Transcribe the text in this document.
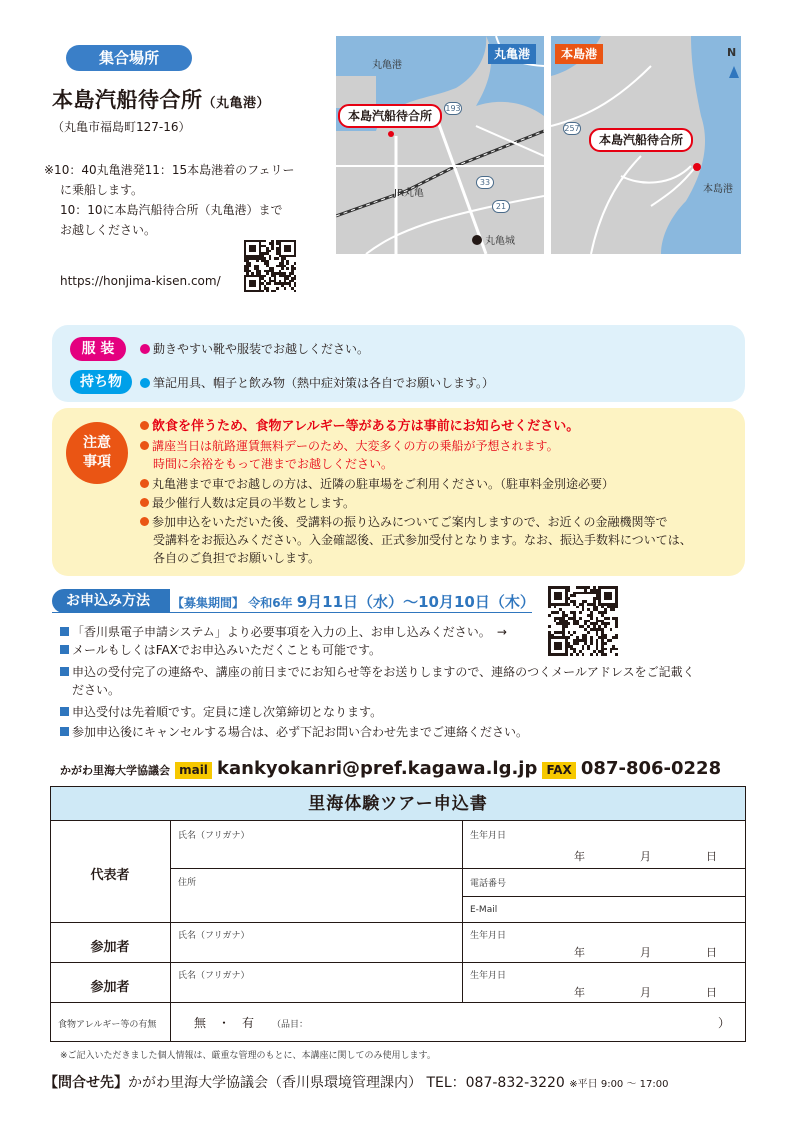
集合場所
本島汽船待合所（丸亀港）
（丸亀市福島町127-16）
※10：40丸亀港発11：15本島港着のフェリー
に乗船します。
10：10に本島汽船待合所（丸亀港）まで
お越しください。
https://honjima-kisen.com/
丸亀港
丸亀港
本島汽船待合所
193
33
21
JR丸亀
丸亀城
本島港	N
257
本島汽船待合所
本島港
服 装	動きやすい靴や服装でお越しください。
持ち物	筆記用具、帽子と飲み物（熱中症対策は各自でお願いします。）
注意
事項
飲食を伴うため、食物アレルギー等がある方は事前にお知らせください。
講座当日は航路運賃無料デーのため、大変多くの方の乗船が予想されます。
時間に余裕をもって港までお越しください。
丸亀港まで車でお越しの方は、近隣の駐車場をご利用ください。（駐車料金別途必要）
最少催行人数は定員の半数とします。
参加申込をいただいた後、受講料の振り込みについてご案内しますので、お近くの金融機関等で
受講料をお振込みください。入金確認後、正式参加受付となります。なお、振込手数料については、
各自のご負担でお願いします。
お申込み方法	【募集期間】 令和6年 9月11日（水）〜10月10日（木）
「香川県電子申請システム」より必要事項を入力の上、お申し込みください。　 →
メールもしくはFAXでお申込みいただくことも可能です。
申込の受付完了の連絡や、講座の前日までにお知らせ等をお送りしますので、連絡のつくメールアドレスをご記載く
ださい。
申込受付は先着順です。定員に達し次第締切となります。
参加申込後にキャンセルする場合は、必ず下記お問い合わせ先までご連絡ください。
かがわ里海大学協議会 mail kankyokanri@pref.kagawa.lg.jp FAX 087-806-0228
里海体験ツアー申込書
代表者
氏名（フリガナ）	生年月日
年	月	日
住所	電話番号
E-Mail
参加者
氏名（フリガナ）	生年月日
年	月	日
参加者
氏名（フリガナ）	生年月日
年	月	日
食物アレルギー等の有無	無　・　有 （品目：	）
※ご記入いただきました個人情報は、厳重な管理のもとに、本講座に関してのみ使用します。
【問合せ先】かがわ里海大学協議会（香川県環境管理課内） TEL：087-832-3220 ※平日 9:00 〜 17:00
